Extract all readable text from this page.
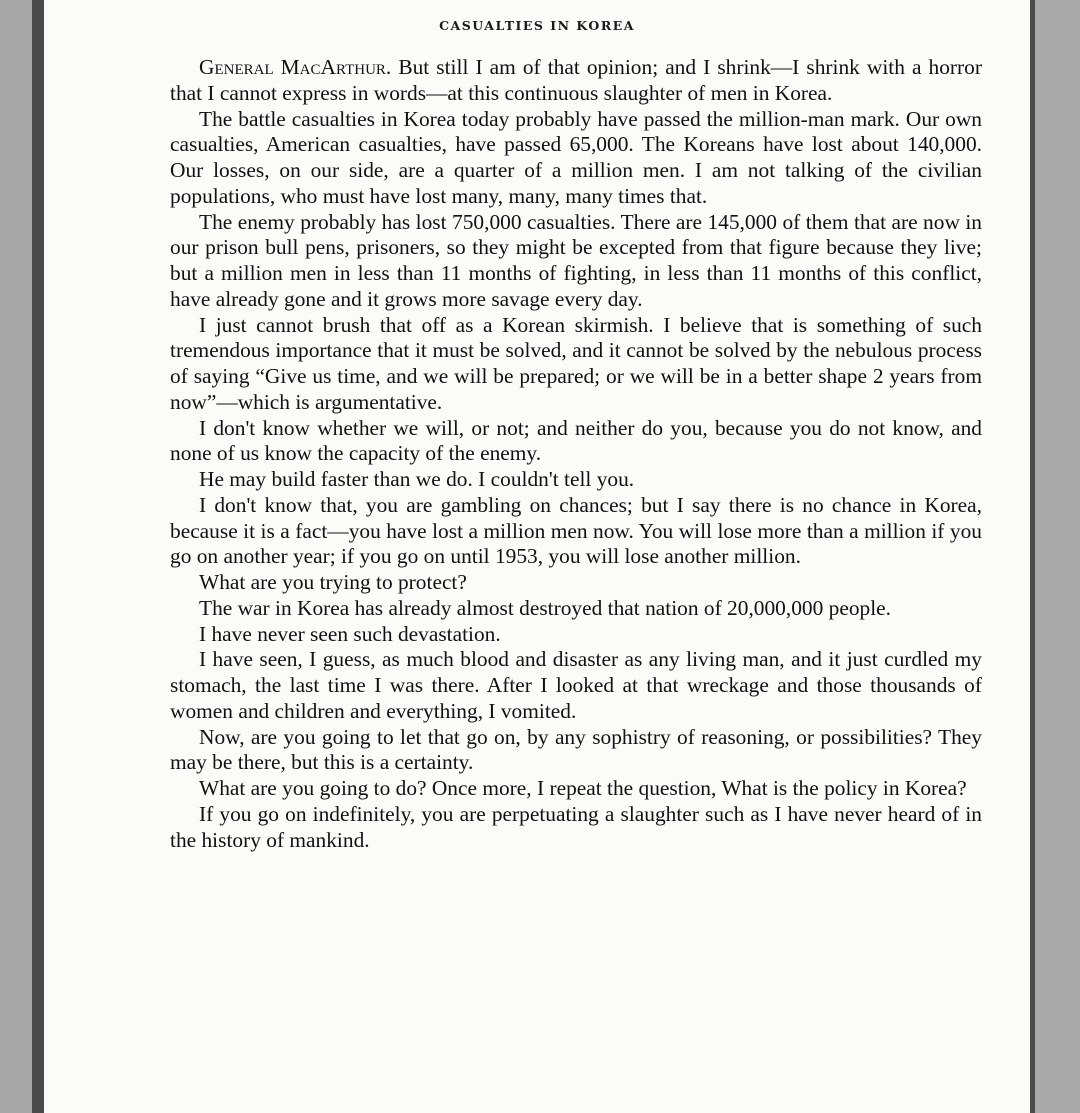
CASUALTIES IN KOREA

General MacArthur. But still I am of that opinion; and I shrink—I shrink with a horror that I cannot express in words—at this continuous slaughter of men in Korea.

The battle casualties in Korea today probably have passed the million-man mark. Our own casualties, American casualties, have passed 65,000. The Koreans have lost about 140,000. Our losses, on our side, are a quarter of a million men. I am not talking of the civilian populations, who must have lost many, many, many times that.

The enemy probably has lost 750,000 casualties. There are 145,000 of them that are now in our prison bull pens, prisoners, so they might be excepted from that figure because they live; but a million men in less than 11 months of fighting, in less than 11 months of this conflict, have already gone and it grows more savage every day.

I just cannot brush that off as a Korean skirmish. I believe that is something of such tremendous importance that it must be solved, and it cannot be solved by the nebulous process of saying “Give us time, and we will be prepared; or we will be in a better shape 2 years from now”—which is argumentative.

I don't know whether we will, or not; and neither do you, because you do not know, and none of us know the capacity of the enemy.

He may build faster than we do. I couldn't tell you.

I don't know that, you are gambling on chances; but I say there is no chance in Korea, because it is a fact—you have lost a million men now. You will lose more than a million if you go on another year; if you go on until 1953, you will lose another million.

What are you trying to protect?

The war in Korea has already almost destroyed that nation of 20,000,000 people.

I have never seen such devastation.

I have seen, I guess, as much blood and disaster as any living man, and it just curdled my stomach, the last time I was there. After I looked at that wreckage and those thousands of women and children and everything, I vomited.

Now, are you going to let that go on, by any sophistry of reasoning, or possibilities? They may be there, but this is a certainty.

What are you going to do? Once more, I repeat the question, What is the policy in Korea?

If you go on indefinitely, you are perpetuating a slaughter such as I have never heard of in the history of mankind.
